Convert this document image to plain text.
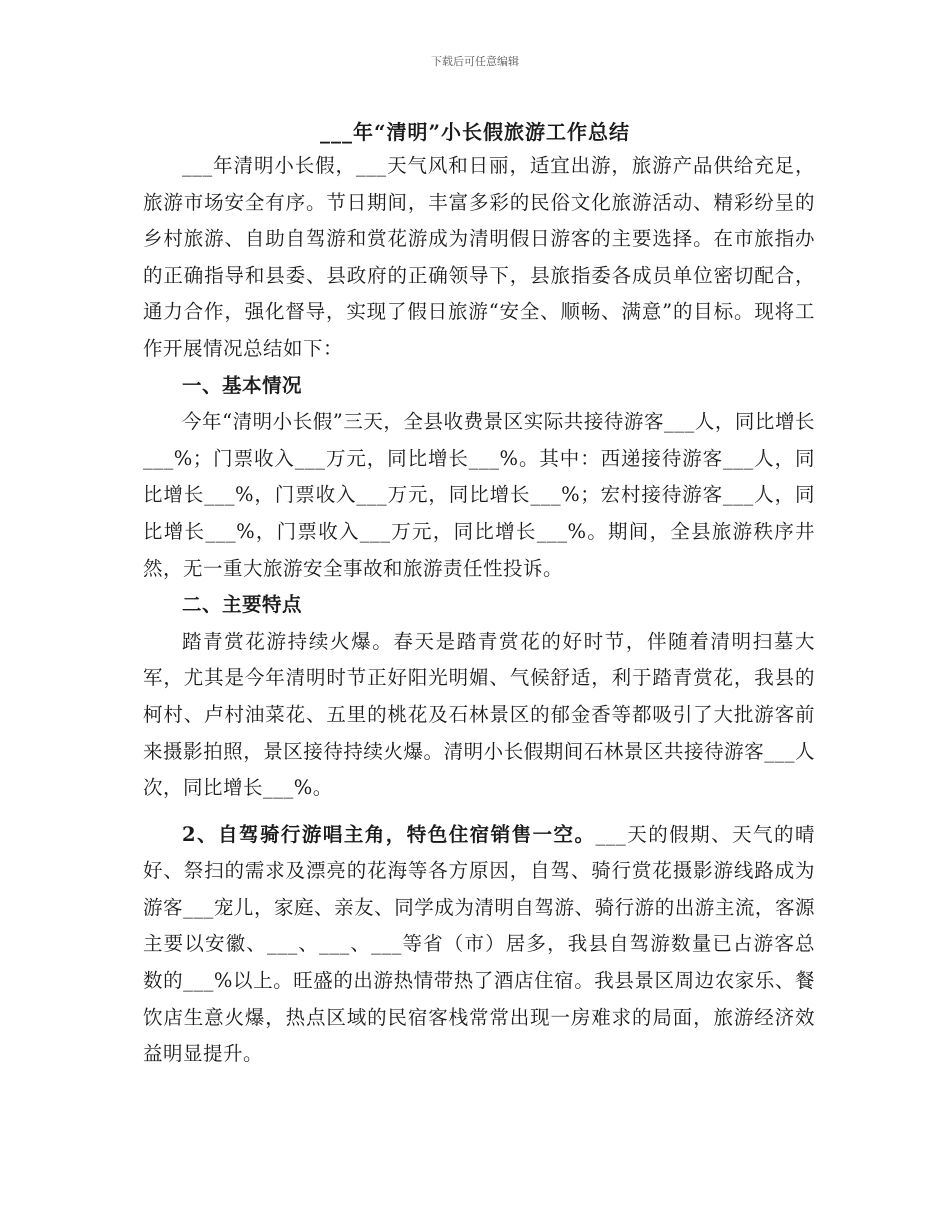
下载后可任意编辑
___年“清明”小长假旅游工作总结

___年清明小长假，___天气风和日丽，适宜出游，旅游产品供给充足，旅游市场安全有序。节日期间，丰富多彩的民俗文化旅游活动、精彩纷呈的乡村旅游、自助自驾游和赏花游成为清明假日游客的主要选择。在市旅指办的正确指导和县委、县政府的正确领导下，县旅指委各成员单位密切配合，通力合作，强化督导，实现了假日旅游“安全、顺畅、满意”的目标。现将工作开展情况总结如下：

一、基本情况

今年“清明小长假”三天，全县收费景区实际共接待游客___人，同比增长___%；门票收入___万元，同比增长___%。其中：西递接待游客___人，同比增长___%，门票收入___万元，同比增长___%；宏村接待游客___人，同比增长___%，门票收入___万元，同比增长___%。期间，全县旅游秩序井然，无一重大旅游安全事故和旅游责任性投诉。

二、主要特点

踏青赏花游持续火爆。春天是踏青赏花的好时节，伴随着清明扫墓大军，尤其是今年清明时节正好阳光明媚、气候舒适，利于踏青赏花，我县的柯村、卢村油菜花、五里的桃花及石林景区的郁金香等都吸引了大批游客前来摄影拍照，景区接待持续火爆。清明小长假期间石林景区共接待游客___人次，同比增长___%。

2、自驾骑行游唱主角，特色住宿销售一空。___天的假期、天气的晴好、祭扫的需求及漂亮的花海等各方原因，自驾、骑行赏花摄影游线路成为游客___宠儿，家庭、亲友、同学成为清明自驾游、骑行游的出游主流，客源主要以安徽、___、___、___等省（市）居多，我县自驾游数量已占游客总数的___%以上。旺盛的出游热情带热了酒店住宿。我县景区周边农家乐、餐饮店生意火爆，热点区域的民宿客栈常常出现一房难求的局面，旅游经济效益明显提升。
